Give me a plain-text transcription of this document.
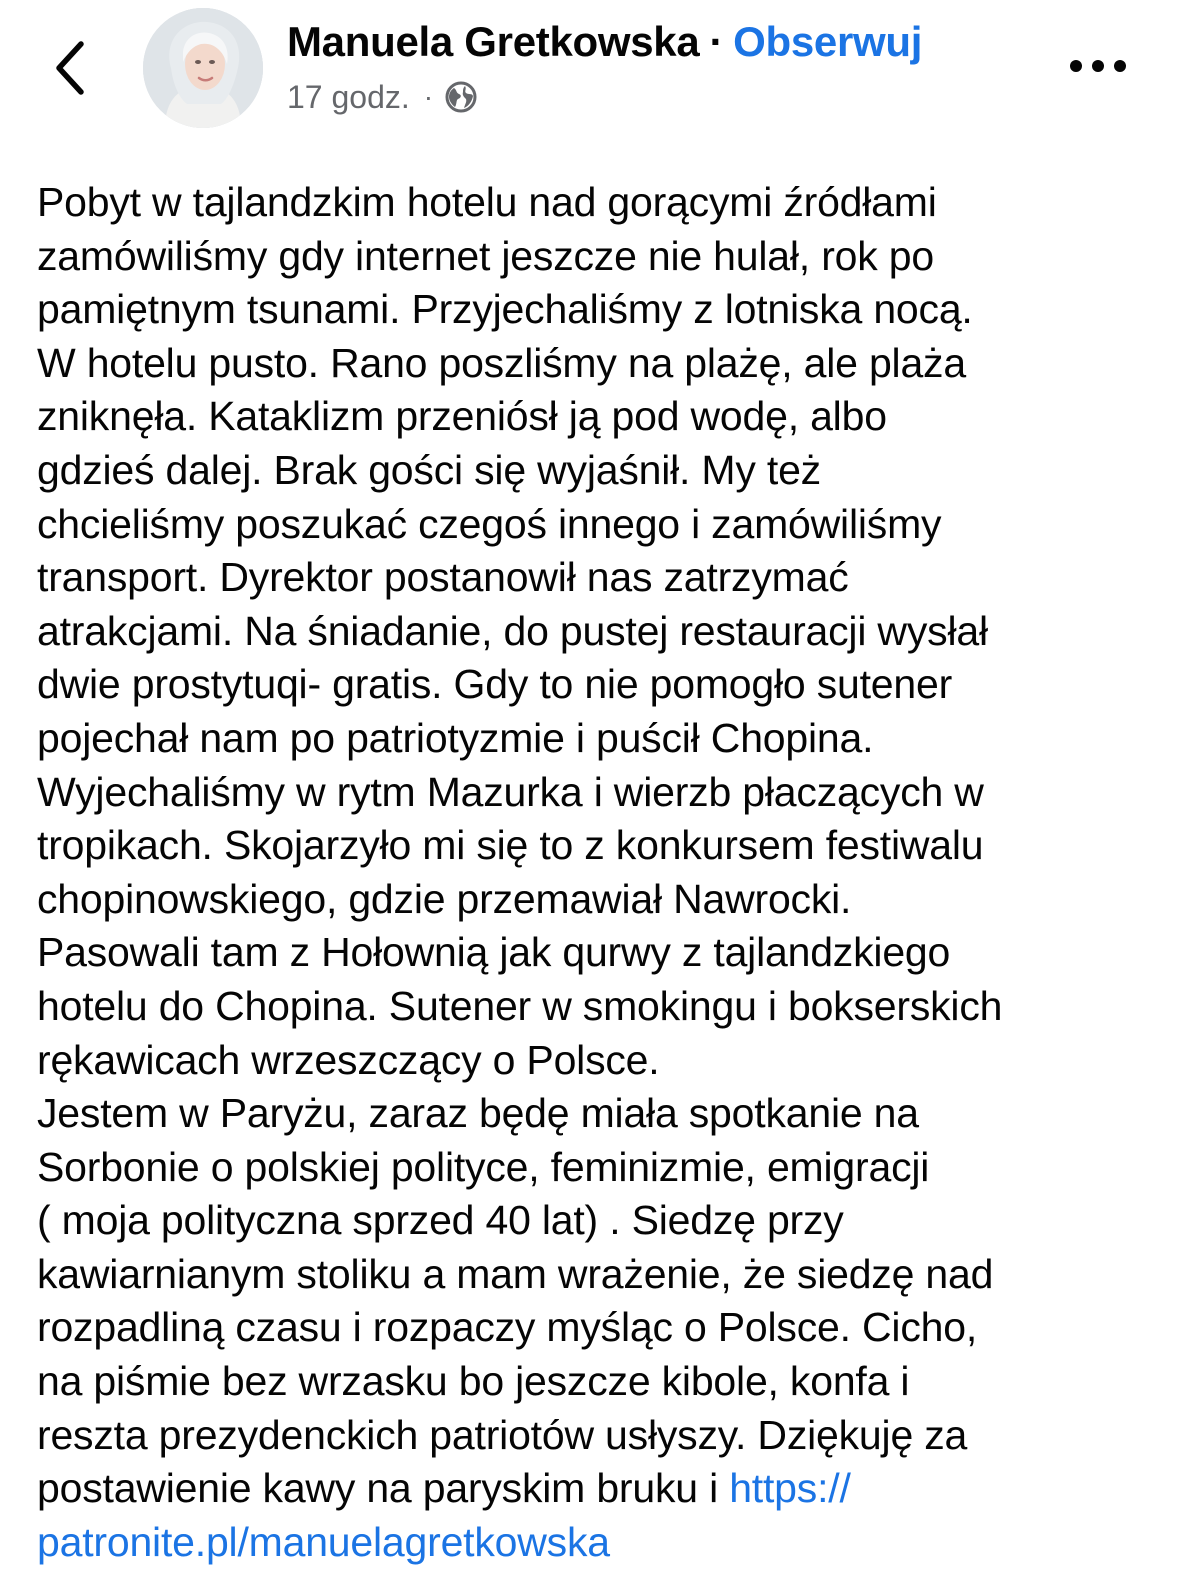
Manuela Gretkowska · Obserwuj
17 godz. ·
Pobyt w tajlandzkim hotelu nad gorącymi źródłami
zamówiliśmy gdy internet jeszcze nie hulał, rok po
pamiętnym tsunami. Przyjechaliśmy z lotniska nocą.
W hotelu pusto. Rano poszliśmy na plażę, ale plaża
zniknęła. Kataklizm przeniósł ją pod wodę, albo
gdzieś dalej. Brak gości się wyjaśnił. My też
chcieliśmy poszukać czegoś innego i zamówiliśmy
transport. Dyrektor postanowił nas zatrzymać
atrakcjami. Na śniadanie, do pustej restauracji wysłał
dwie prostytuqi- gratis. Gdy to nie pomogło sutener
pojechał nam po patriotyzmie i puścił Chopina.
Wyjechaliśmy w rytm Mazurka i wierzb płaczących w
tropikach. Skojarzyło mi się to z konkursem festiwalu
chopinowskiego, gdzie przemawiał Nawrocki.
Pasowali tam z Hołownią jak qurwy z tajlandzkiego
hotelu do Chopina. Sutener w smokingu i bokserskich
rękawicach wrzeszczący o Polsce.
Jestem w Paryżu, zaraz będę miała spotkanie na
Sorbonie o polskiej polityce, feminizmie, emigracji
( moja polityczna sprzed 40 lat) . Siedzę przy
kawiarnianym stoliku a mam wrażenie, że siedzę nad
rozpadliną czasu i rozpaczy myśląc o Polsce. Cicho,
na piśmie bez wrzasku bo jeszcze kibole, konfa i
reszta prezydenckich patriotów usłyszy. Dziękuję za
postawienie kawy na paryskim bruku i https://
patronite.pl/manuelagretkowska
